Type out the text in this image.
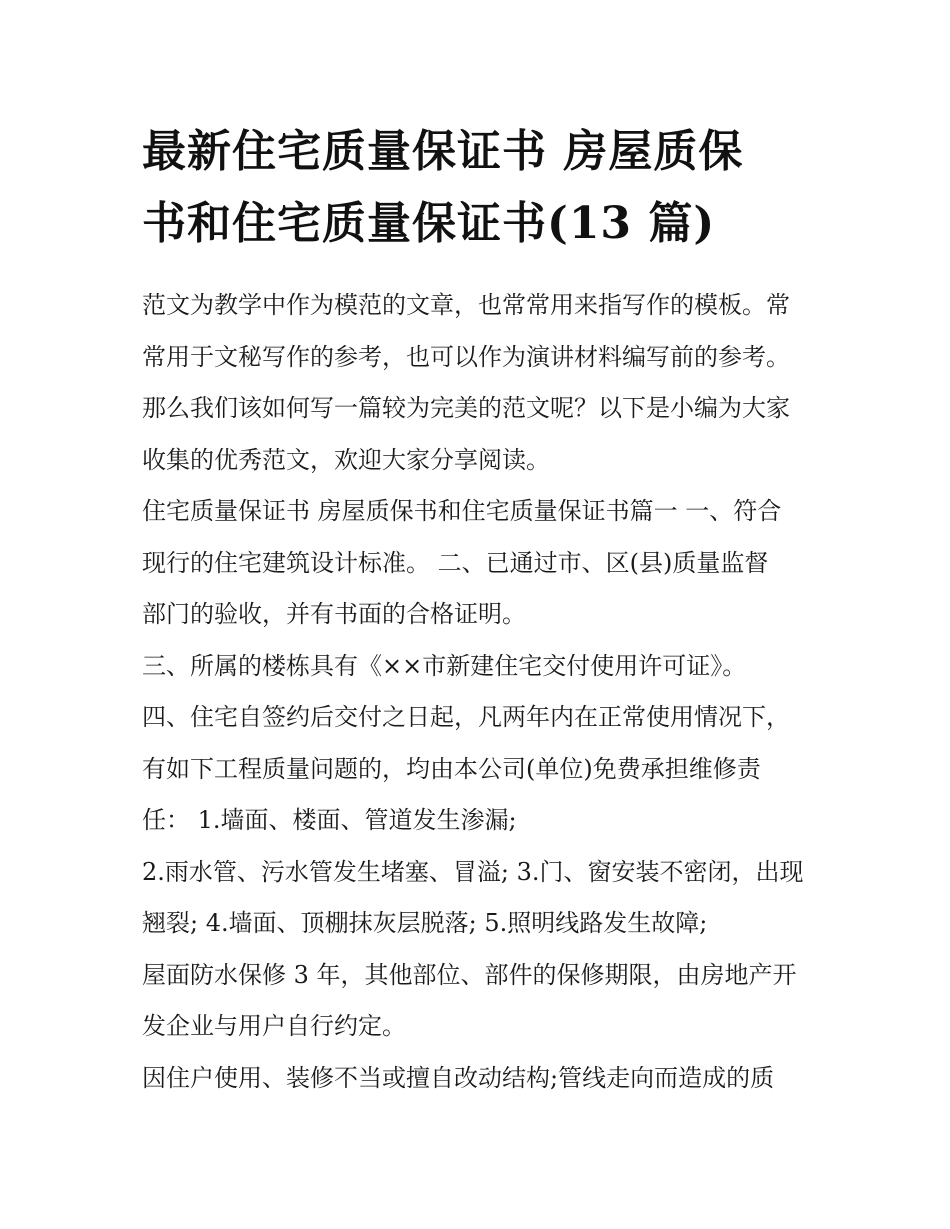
最新住宅质量保证书 房屋质保
书和住宅质量保证书(13 篇)

范文为教学中作为模范的文章，也常常用来指写作的模板。常
常用于文秘写作的参考，也可以作为演讲材料编写前的参考。
那么我们该如何写一篇较为完美的范文呢？以下是小编为大家
收集的优秀范文，欢迎大家分享阅读。

住宅质量保证书 房屋质保书和住宅质量保证书篇一 一、符合
现行的住宅建筑设计标准。 二、已通过市、区(县)质量监督
部门的验收，并有书面的合格证明。

三、所属的楼栋具有《××市新建住宅交付使用许可证》。

四、住宅自签约后交付之日起，凡两年内在正常使用情况下，
有如下工程质量问题的，均由本公司(单位)免费承担维修责
任： 1.墙面、楼面、管道发生渗漏;

2.雨水管、污水管发生堵塞、冒溢; 3.门、窗安装不密闭，出现
翘裂; 4.墙面、顶棚抹灰层脱落; 5.照明线路发生故障;

屋面防水保修 3 年，其他部位、部件的保修期限，由房地产开
发企业与用户自行约定。

因住户使用、装修不当或擅自改动结构;管线走向而造成的质
